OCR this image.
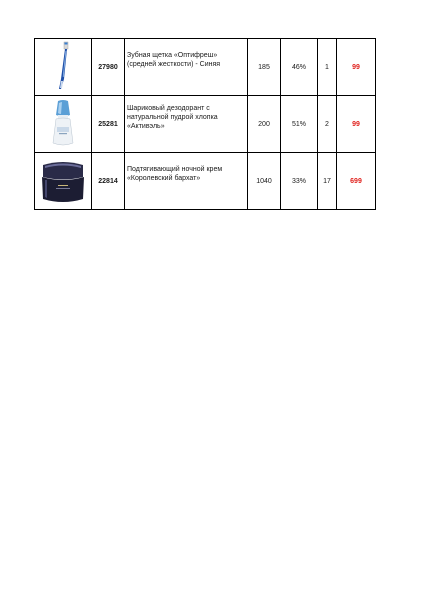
	27980	Зубная щетка «Оптифреш» (средней жесткости) - Синяя	185	46%	1	99

	25281	Шариковый дезодорант с натуральной пудрой хлопка «Активэль»	200	51%	2	99

	22814	Подтягивающий ночной крем «Королевский бархат»	1040	33%	17	699
